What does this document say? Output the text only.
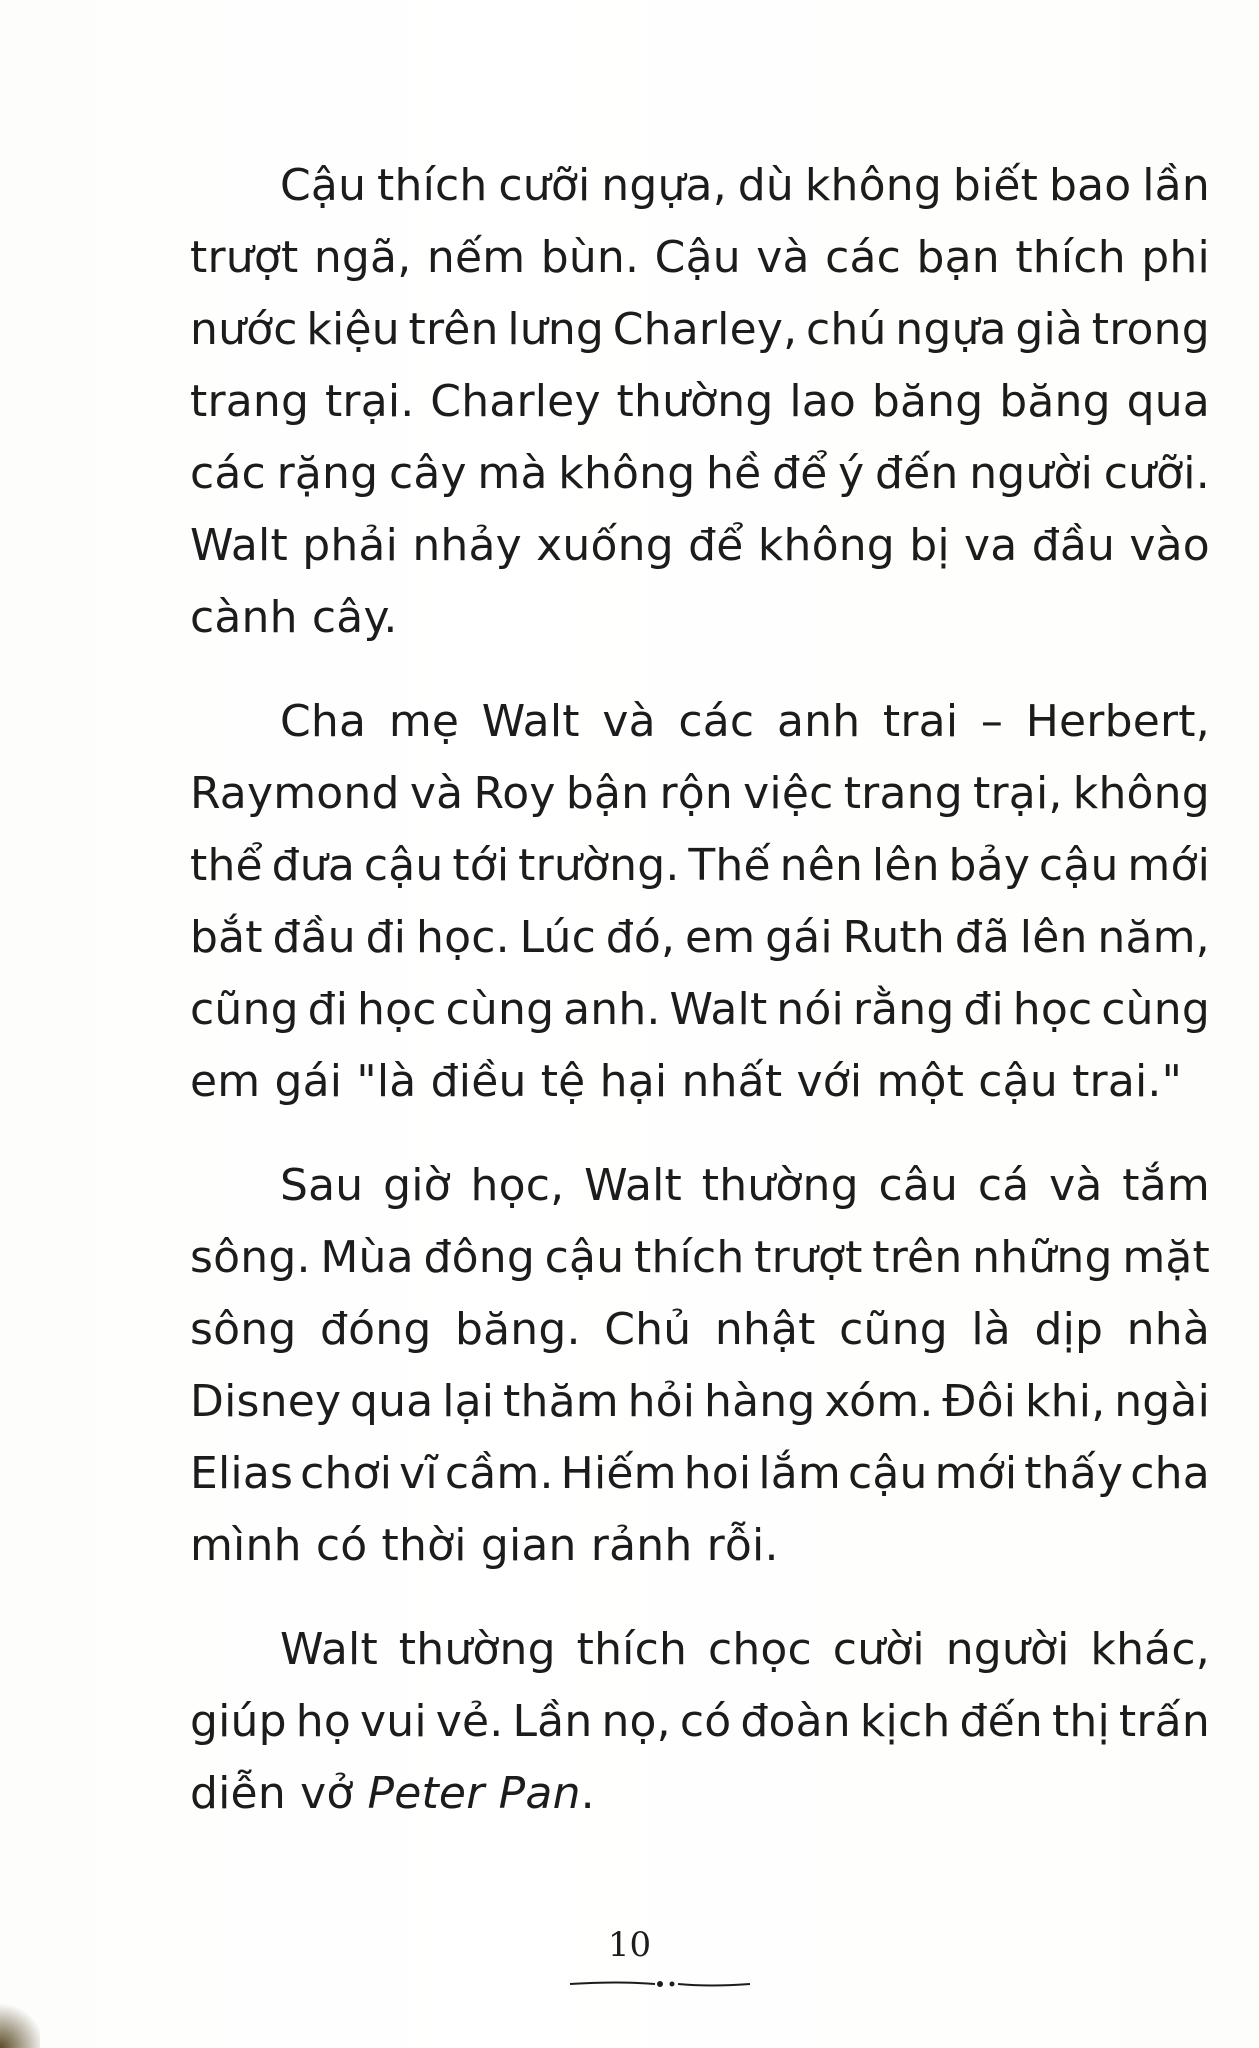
Cậu thích cưỡi ngựa, dù không biết bao lần
trượt ngã, nếm bùn. Cậu và các bạn thích phi
nước kiệu trên lưng Charley, chú ngựa già trong
trang trại. Charley thường lao băng băng qua
các rặng cây mà không hề để ý đến người cưỡi.
Walt phải nhảy xuống để không bị va đầu vào
cành cây.
Cha mẹ Walt và các anh trai – Herbert,
Raymond và Roy bận rộn việc trang trại, không
thể đưa cậu tới trường. Thế nên lên bảy cậu mới
bắt đầu đi học. Lúc đó, em gái Ruth đã lên năm,
cũng đi học cùng anh. Walt nói rằng đi học cùng
em gái "là điều tệ hại nhất với một cậu trai."
Sau giờ học, Walt thường câu cá và tắm
sông. Mùa đông cậu thích trượt trên những mặt
sông đóng băng. Chủ nhật cũng là dịp nhà
Disney qua lại thăm hỏi hàng xóm. Đôi khi, ngài
Elias chơi vĩ cầm. Hiếm hoi lắm cậu mới thấy cha
mình có thời gian rảnh rỗi.
Walt thường thích chọc cười người khác,
giúp họ vui vẻ. Lần nọ, có đoàn kịch đến thị trấn
diễn vở Peter Pan .
10
